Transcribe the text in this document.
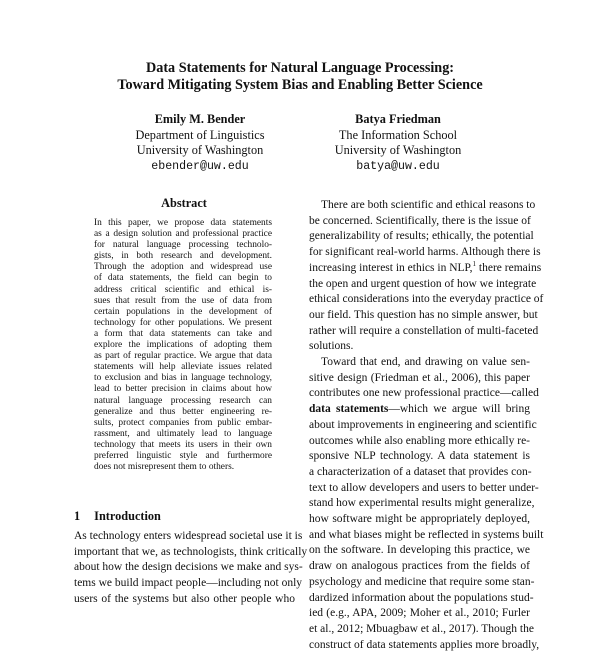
Data Statements for Natural Language Processing:
Toward Mitigating System Bias and Enabling Better Science
Emily M. Bender
Department of Linguistics
University of Washington
ebender@uw.edu
Batya Friedman
The Information School
University of Washington
batya@uw.edu
Abstract
In this paper, we propose data statements
as a design solution and professional practice
for natural language processing technolo-
gists, in both research and development.
Through the adoption and widespread use
of data statements, the field can begin to
address critical scientific and ethical is-
sues that result from the use of data from
certain populations in the development of
technology for other populations. We present
a form that data statements can take and
explore the implications of adopting them
as part of regular practice. We argue that data
statements will help alleviate issues related
to exclusion and bias in language technology,
lead to better precision in claims about how
natural language processing research can
generalize and thus better engineering re-
sults, protect companies from public embar-
rassment, and ultimately lead to language
technology that meets its users in their own
preferred linguistic style and furthermore
does not misrepresent them to others.
1 Introduction
As technology enters widespread societal use it is
important that we, as technologists, think critically
about how the design decisions we make and sys-
tems we build impact people—including not only
users of the systems but also other people who
There are both scientific and ethical reasons to
be concerned. Scientifically, there is the issue of
generalizability of results; ethically, the potential
for significant real-world harms. Although there is
increasing interest in ethics in NLP,$^1$ there remains
the open and urgent question of how we integrate
ethical considerations into the everyday practice of
our field. This question has no simple answer, but
rather will require a constellation of multi-faceted
solutions.
Toward that end, and drawing on value sen-
sitive design (Friedman et al., 2006), this paper
contributes one new professional practice—called
data statements—which we argue will bring
about improvements in engineering and scientific
outcomes while also enabling more ethically re-
sponsive NLP technology. A data statement is
a characterization of a dataset that provides con-
text to allow developers and users to better under-
stand how experimental results might generalize,
how software might be appropriately deployed,
and what biases might be reflected in systems built
on the software. In developing this practice, we
draw on analogous practices from the fields of
psychology and medicine that require some stan-
dardized information about the populations stud-
ied (e.g., APA, 2009; Moher et al., 2010; Furler
et al., 2012; Mbuagbaw et al., 2017). Though the
construct of data statements applies more broadly,
